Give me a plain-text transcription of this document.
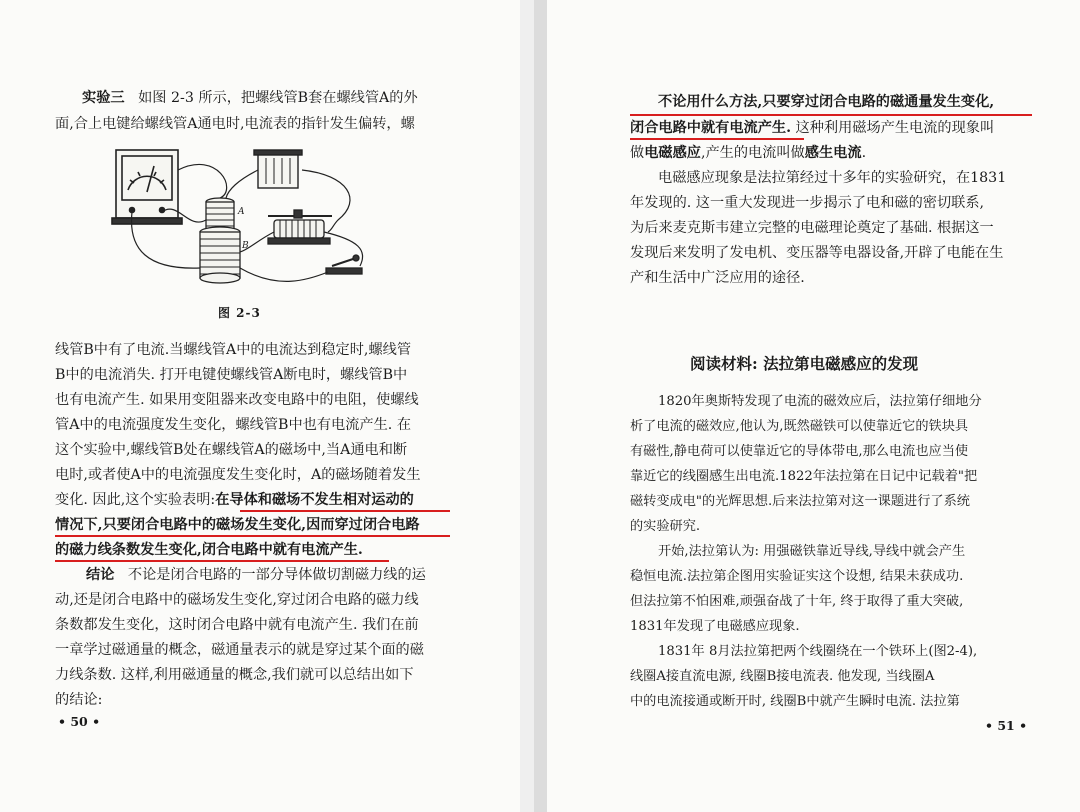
实验三 如图 2-3 所示，把螺线管B套在螺线管A的外
面,合上电键给螺线管A通电时,电流表的指针发生偏转，螺
A
B
图 2-3
线管B中有了电流.当螺线管A中的电流达到稳定时,螺线管
B中的电流消失. 打开电键使螺线管A断电时，螺线管B中
也有电流产生. 如果用变阻器来改变电路中的电阻，使螺线
管A中的电流强度发生变化，螺线管B中也有电流产生. 在
这个实验中,螺线管B处在螺线管A的磁场中,当A通电和断
电时,或者使A中的电流强度发生变化时，A的磁场随着发生
变化. 因此,这个实验表明:在导体和磁场不发生相对运动的
情况下,只要闭合电路中的磁场发生变化,因而穿过闭合电路
的磁力线条数发生变化,闭合电路中就有电流产生.
结论 不论是闭合电路的一部分导体做切割磁力线的运
动,还是闭合电路中的磁场发生变化,穿过闭合电路的磁力线
条数都发生变化，这时闭合电路中就有电流产生. 我们在前
一章学过磁通量的概念，磁通量表示的就是穿过某个面的磁
力线条数. 这样,利用磁通量的概念,我们就可以总结出如下
的结论:
• 50 •
不论用什么方法,只要穿过闭合电路的磁通量发生变化,
闭合电路中就有电流产生. 这种利用磁场产生电流的现象叫
做电磁感应,产生的电流叫做感生电流.
电磁感应现象是法拉第经过十多年的实验研究，在1831
年发现的. 这一重大发现进一步揭示了电和磁的密切联系,
为后来麦克斯韦建立完整的电磁理论奠定了基础. 根据这一
发现后来发明了发电机、变压器等电器设备,开辟了电能在生
产和生活中广泛应用的途径.
阅读材料: 法拉第电磁感应的发现
1820年奥斯特发现了电流的磁效应后，法拉第仔细地分
析了电流的磁效应,他认为,既然磁铁可以使靠近它的铁块具
有磁性,静电荷可以使靠近它的导体带电,那么电流也应当使
靠近它的线圈感生出电流.1822年法拉第在日记中记载着"把
磁转变成电"的光辉思想.后来法拉第对这一课题进行了系统
的实验研究.
开始,法拉第认为: 用强磁铁靠近导线,导线中就会产生
稳恒电流.法拉第企图用实验证实这个设想, 结果未获成功.
但法拉第不怕困难,顽强奋战了十年, 终于取得了重大突破,
1831年发现了电磁感应现象.
1831年 8月法拉第把两个线圈绕在一个铁环上(图2-4),
线圈A接直流电源, 线圈B接电流表. 他发现, 当线圈A
中的电流接通或断开时, 线圈B中就产生瞬时电流. 法拉第
• 51 •
